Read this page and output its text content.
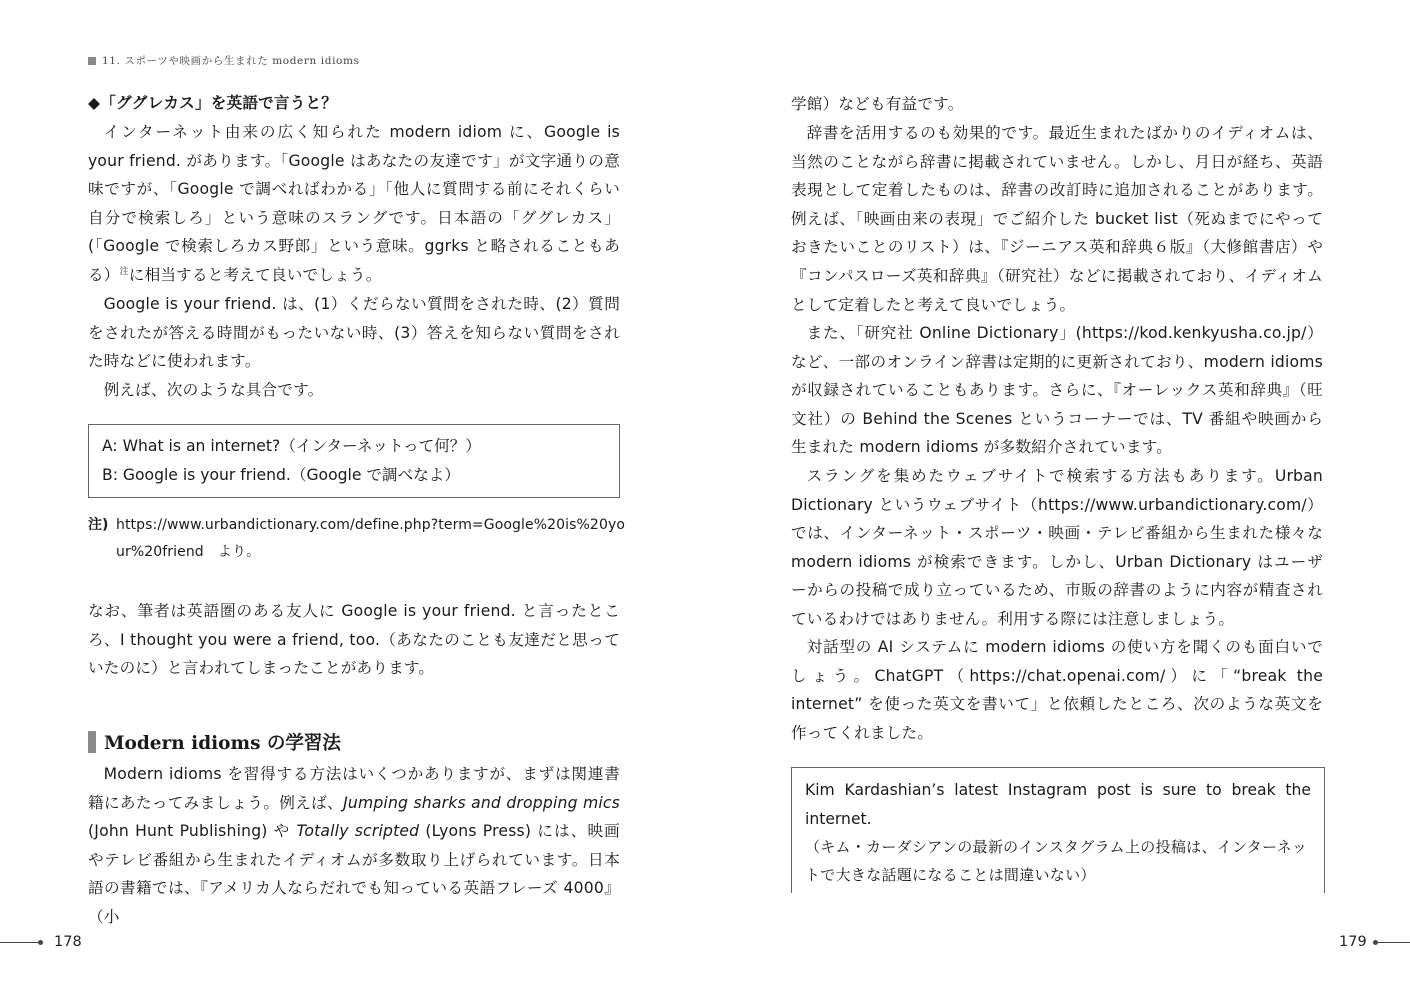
11. スポーツや映画から生まれた modern idioms
◆「ググレカス」を英語で言うと？

インターネット由来の広く知られた modern idiom に、Google is your friend. があります。「Google はあなたの友達です」が文字通りの意味ですが、「Google で調べればわかる」「他人に質問する前にそれくらい自分で検索しろ」という意味のスラングです。日本語の「ググレカス」(「Google で検索しろカス野郎」という意味。ggrks と略されることもある）$^注$に相当すると考えて良いでしょう。

Google is your friend. は、(1）くだらない質問をされた時、(2）質問をされたが答える時間がもったいない時、(3）答えを知らない質問をされた時などに使われます。

例えば、次のような具合です。

A: What is an internet?（インターネットって何？）
B: Google is your friend.（Google で調べなよ）
注) https://www.urbandictionary.com/define.php?term=Google%20is%20your%20friend　より。

なお、筆者は英語圏のある友人に Google is your friend. と言ったところ、I thought you were a friend, too.（あなたのことも友達だと思っていたのに）と言われてしまったことがあります。

Modern idioms の学習法

Modern idioms を習得する方法はいくつかありますが、まずは関連書籍にあたってみましょう。例えば、Jumping sharks and dropping mics (John Hunt Publishing) や Totally scripted (Lyons Press) には、映画やテレビ番組から生まれたイディオムが多数取り上げられています。日本語の書籍では、『アメリカ人ならだれでも知っている英語フレーズ 4000』（小

178

学館）なども有益です。

辞書を活用するのも効果的です。最近生まれたばかりのイディオムは、当然のことながら辞書に掲載されていません。しかし、月日が経ち、英語表現として定着したものは、辞書の改訂時に追加されることがあります。例えば、「映画由来の表現」でご紹介した bucket list（死ぬまでにやっておきたいことのリスト）は、『ジーニアス英和辞典６版』（大修館書店）や『コンパスローズ英和辞典』（研究社）などに掲載されており、イディオムとして定着したと考えて良いでしょう。

また、「研究社 Online Dictionary」(https://kod.kenkyusha.co.jp/）など、一部のオンライン辞書は定期的に更新されており、modern idioms が収録されていることもあります。さらに、『オーレックス英和辞典』（旺文社）の Behind the Scenes というコーナーでは、TV 番組や映画から生まれた modern idioms が多数紹介されています。

スラングを集めたウェブサイトで検索する方法もあります。Urban Dictionary というウェブサイト（https://www.urbandictionary.com/）では、インターネット・スポーツ・映画・テレビ番組から生まれた様々な modern idioms が検索できます。しかし、Urban Dictionary はユーザーからの投稿で成り立っているため、市販の辞書のように内容が精査されているわけではありません。利用する際には注意しましょう。

対話型の AI システムに modern idioms の使い方を聞くのも面白いでしょう。ChatGPT（https://chat.openai.com/）に「“break the internet” を使った英文を書いて」と依頼したところ、次のような英文を作ってくれました。

Kim Kardashian’s latest Instagram post is sure to break the internet.
（キム・カーダシアンの最新のインスタグラム上の投稿は、インターネットで大きな話題になることは間違いない）
179
